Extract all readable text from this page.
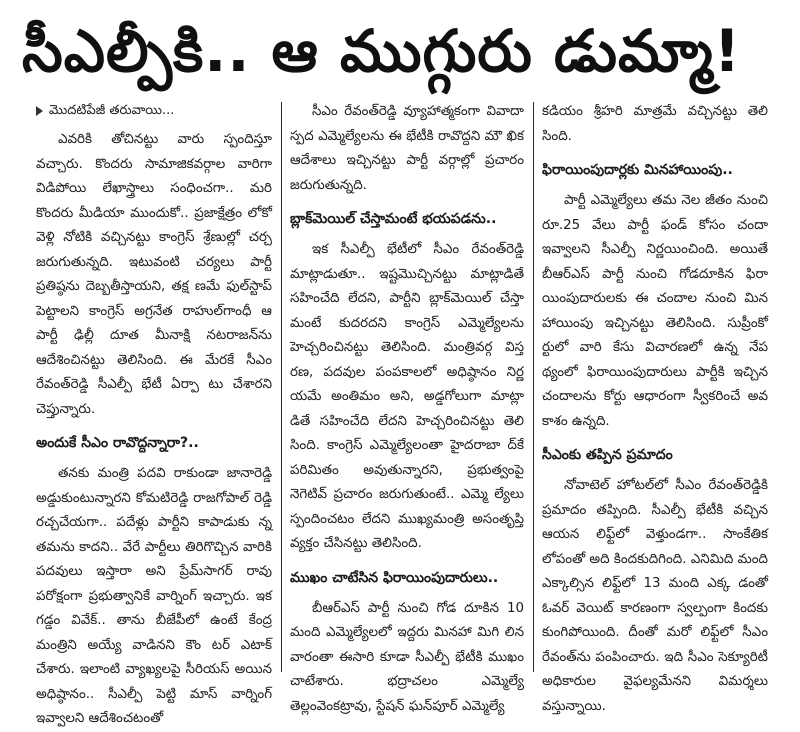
సీఎల్పీకి.. ఆ ముగ్గురు డుమ్మా!
మొదటిపేజీ తరువాయి...

ఎవరికి తోచినట్టు వారు స్పందిస్తూ వచ్చారు. కొందరు సామాజికవర్గాల వారిగా విడిపోయి లేఖాస్త్రాలు సంధించగా.. మరి కొందరు మీడియా ముందుకో.. ప్రజాక్షేత్రం లోకో వెళ్లి నోటికి వచ్చినట్టు కాంగ్రెస్ శ్రేణుల్లో చర్చ జరుగుతున్నది. ఇటువంటి చర్యలు పార్టీ ప్రతిష్ఠను దెబ్బతీస్తాయని, తక్ష ణమే ఫుల్‌స్టాప్ పెట్టాలని కాంగ్రెస్ అగ్రనేత రాహుల్‌గాంధీ ఆ పార్టీ ఢిల్లీ దూత మీనాక్షి నటరాజన్‌ను ఆదేశించినట్టు తెలిసింది. ఈ మేరకే సీఎం రేవంత్‌రెడ్డి సీఎల్పీ భేటీ ఏర్పా టు చేశారని చెప్తున్నారు.

అందుకే సీఎం రావొద్దన్నారా?..

తనకు మంత్రి పదవి రాకుండా జానారెడ్డి అడ్డుకుంటున్నారని కోమటిరెడ్డి రాజగోపాల్ రెడ్డి రచ్చచేయగా.. పదేళ్లు పార్టీని కాపాడుకు న్న తమను కాదని.. వేరే పార్టీలు తిరిగొచ్చిన వారికి పదవులు ఇస్తారా అని ప్రేమ్‌సాగర్ రావు పరోక్షంగా ప్రభుత్వానికే వార్నింగ్ ఇచ్చారు. ఇక గడ్డం వివేక్.. తాను బీజేపీలో ఉంటే కేంద్ర మంత్రిని అయ్యే వాడినని కౌం టర్ ఎటాక్ చేశారు. ఇలాంటి వ్యాఖ్యలపై సీరియస్ అయిన అధిష్ఠానం.. సీఎల్పీ పెట్టి మాస్ వార్నింగ్ ఇవ్వాలని ఆదేశించటంతో

సీఎం రేవంత్‌రెడ్డి వ్యూహాత్మకంగా వివాదా స్పద ఎమ్మెల్యేలను ఈ భేటీకి రావొద్దని మౌ ఖిక ఆదేశాలు ఇచ్చినట్టు పార్టీ వర్గాల్లో ప్రచారం జరుగుతున్నది.

బ్లాక్‌మెయిల్ చేస్తామంటే భయపడను..

ఇక సీఎల్పీ భేటీలో సీఎం రేవంత్‌రెడ్డి మాట్లాడుతూ.. ఇష్టమొచ్చినట్టు మాట్లాడితే సహించేది లేదని, పార్టీని బ్లాక్‌మెయిల్ చేస్తా మంటే కుదరదని కాంగ్రెస్ ఎమ్మెల్యేలను హెచ్చరించినట్టు తెలిసింది. మంత్రివర్గ విస్త రణ, పదవుల పంపకాలలో అధిష్ఠానం నిర్ణ యమే అంతిమం అని, అడ్డగోలుగా మాట్లా డితే సహించేది లేదని హెచ్చరించినట్టు తెలి సింది. కాంగ్రెస్ ఎమ్మెల్యేలంతా హైదరాబా ద్‌కే పరిమితం అవుతున్నారని, ప్రభుత్వంపై నెగెటివ్ ప్రచారం జరుగుతుంటే.. ఎమ్మె ల్యేలు స్పందించటం లేదని ముఖ్యమంత్రి అసంతృప్తి వ్యక్తం చేసినట్టు తెలిసింది.

ముఖం చాటేసిన ఫిరాయింపుదారులు..

బీఆర్ఎస్ పార్టీ నుంచి గోడ దూకిన 10 మంది ఎమ్మెల్యేలలో ఇద్దరు మినహా మిగి లిన వారంతా ఈసారి కూడా సీఎల్పీ భేటీకి ముఖం చాటేశారు. భద్రాచలం ఎమ్మెల్యే తెల్లంవెంకట్రావు, స్టేషన్ ఘన్‌పూర్ ఎమ్మెల్యే

కడియం శ్రీహరి మాత్రమే వచ్చినట్టు తెలి సింది.

ఫిరాయింపుదార్లకు మినహాయింపు..

పార్టీ ఎమ్మెల్యేలు తమ నెల జీతం నుంచి రూ.25 వేలు పార్టీ ఫండ్ కోసం చందా ఇవ్వాలని సీఎల్పీ నిర్ణయించింది. అయితే బీఆర్ఎస్ పార్టీ నుంచి గోడదూకిన ఫిరా యింపుదారులకు ఈ చందాల నుంచి మిన హాయింపు ఇచ్చినట్టు తెలిసింది. సుప్రీంకో ర్టులో వారి కేసు విచారణలో ఉన్న నేప థ్యంలో ఫిరాయింపుదారులు పార్టీకి ఇచ్చిన చందాలను కోర్టు ఆధారంగా స్వీకరించే అవ కాశం ఉన్నది.

సీఎంకు తప్పిన ప్రమాదం

నోవాటెల్ హోటల్‌లో సీఎం రేవంత్‌రెడ్డికి ప్రమాదం తప్పింది. సీఎల్పీ భేటీకి వచ్చిన ఆయన లిఫ్ట్‌లో వెళ్తుండగా.. సాంకేతిక లోపంతో అది కిందకుదిగింది. ఎనిమిది మంది ఎక్కాల్సిన లిఫ్ట్‌లో 13 మంది ఎక్క డంతో ఓవర్ వెయిట్ కారణంగా స్వల్పంగా కిందకు కుంగిపోయింది. దీంతో మరో లిఫ్ట్‌లో సీఎం రేవంత్‌ను పంపించారు. ఇది సీఎం సెక్యూరిటీ అధికారుల వైఫల్యమేనని విమర్శలు వస్తున్నాయి.
